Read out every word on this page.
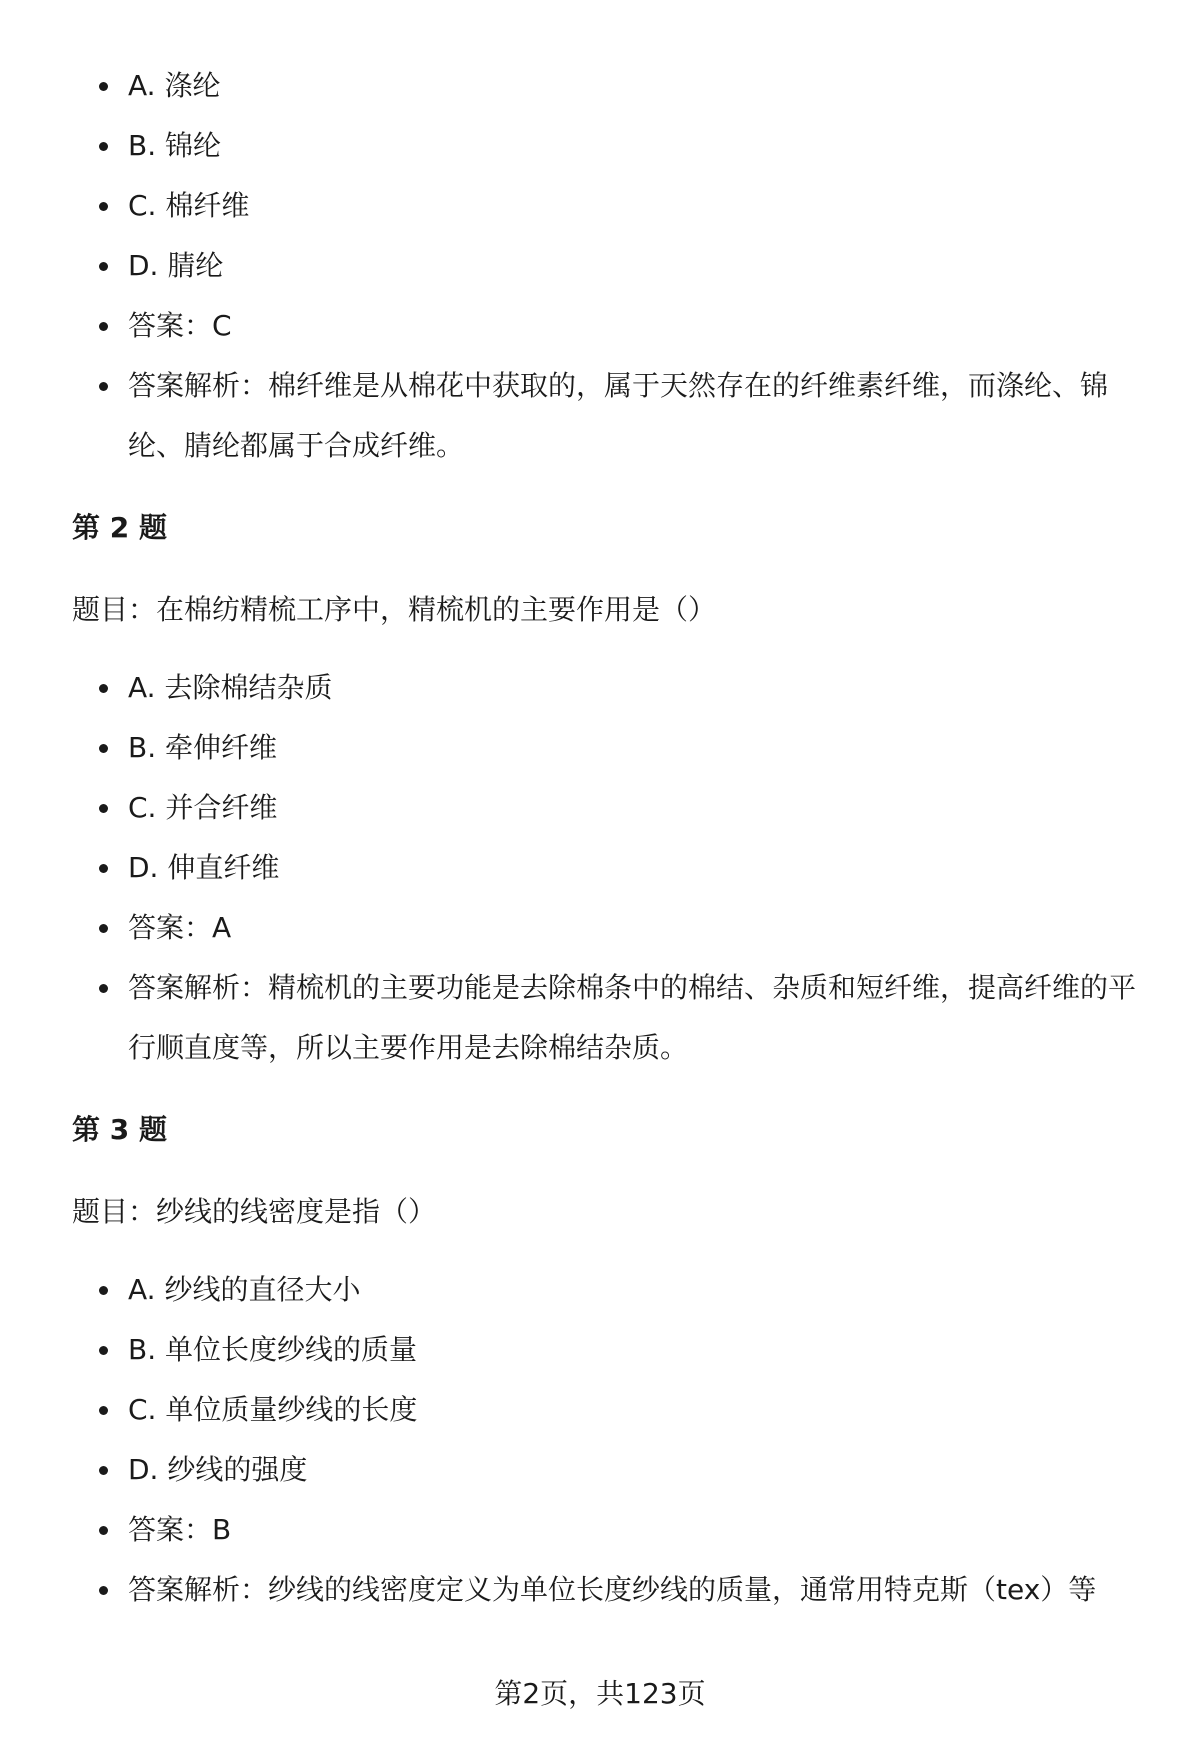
A. 涤纶
B. 锦纶
C. 棉纤维
D. 腈纶
答案：C
答案解析：棉纤维是从棉花中获取的，属于天然存在的纤维素纤维，而涤纶、锦纶、腈纶都属于合成纤维。
第 2 题
题目：在棉纺精梳工序中，精梳机的主要作用是（）
A. 去除棉结杂质
B. 牵伸纤维
C. 并合纤维
D. 伸直纤维
答案：A
答案解析：精梳机的主要功能是去除棉条中的棉结、杂质和短纤维，提高纤维的平行顺直度等，所以主要作用是去除棉结杂质。
第 3 题
题目：纱线的线密度是指（）
A. 纱线的直径大小
B. 单位长度纱线的质量
C. 单位质量纱线的长度
D. 纱线的强度
答案：B
答案解析：纱线的线密度定义为单位长度纱线的质量，通常用特克斯（tex）等
第2页，共123页
